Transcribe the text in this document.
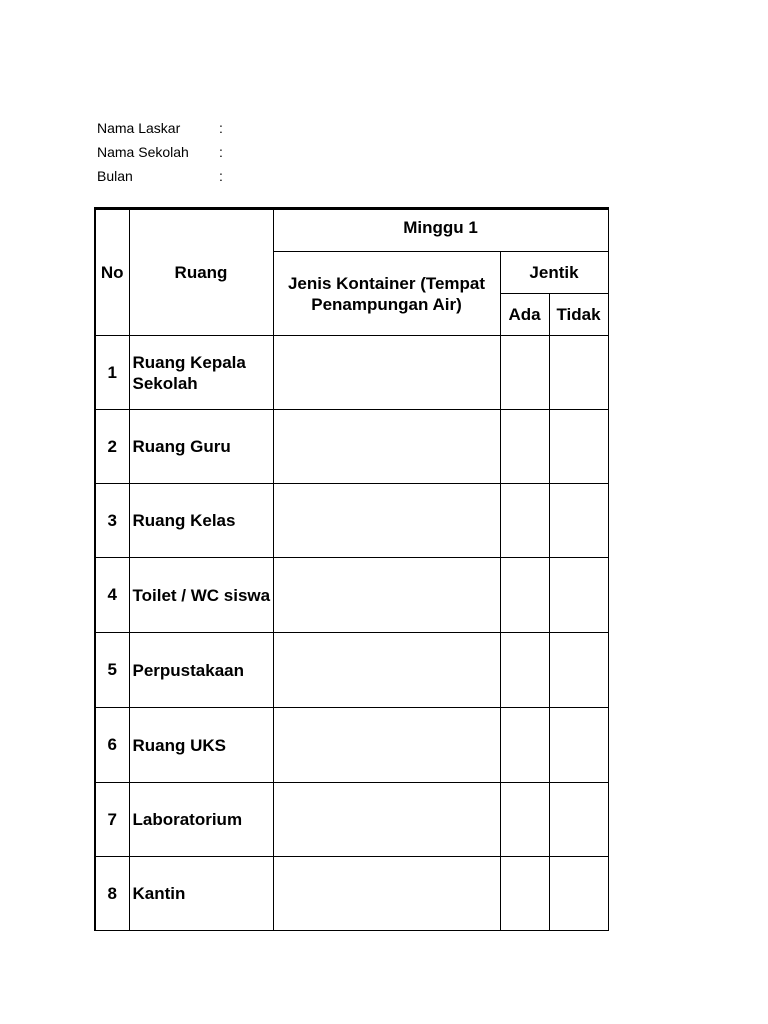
Nama Laskar	:
Nama Sekolah	:
Bulan	:
No	Ruang	Minggu 1		
		Jenis Kontainer (Tempat Penampungan Air)	Jentik	
			Ada	Tidak
1	Ruang Kepala Sekolah			
2	Ruang Guru			
3	Ruang Kelas			
4	Toilet / WC siswa			
5	Perpustakaan			
6	Ruang UKS			
7	Laboratorium			
8	Kantin			
